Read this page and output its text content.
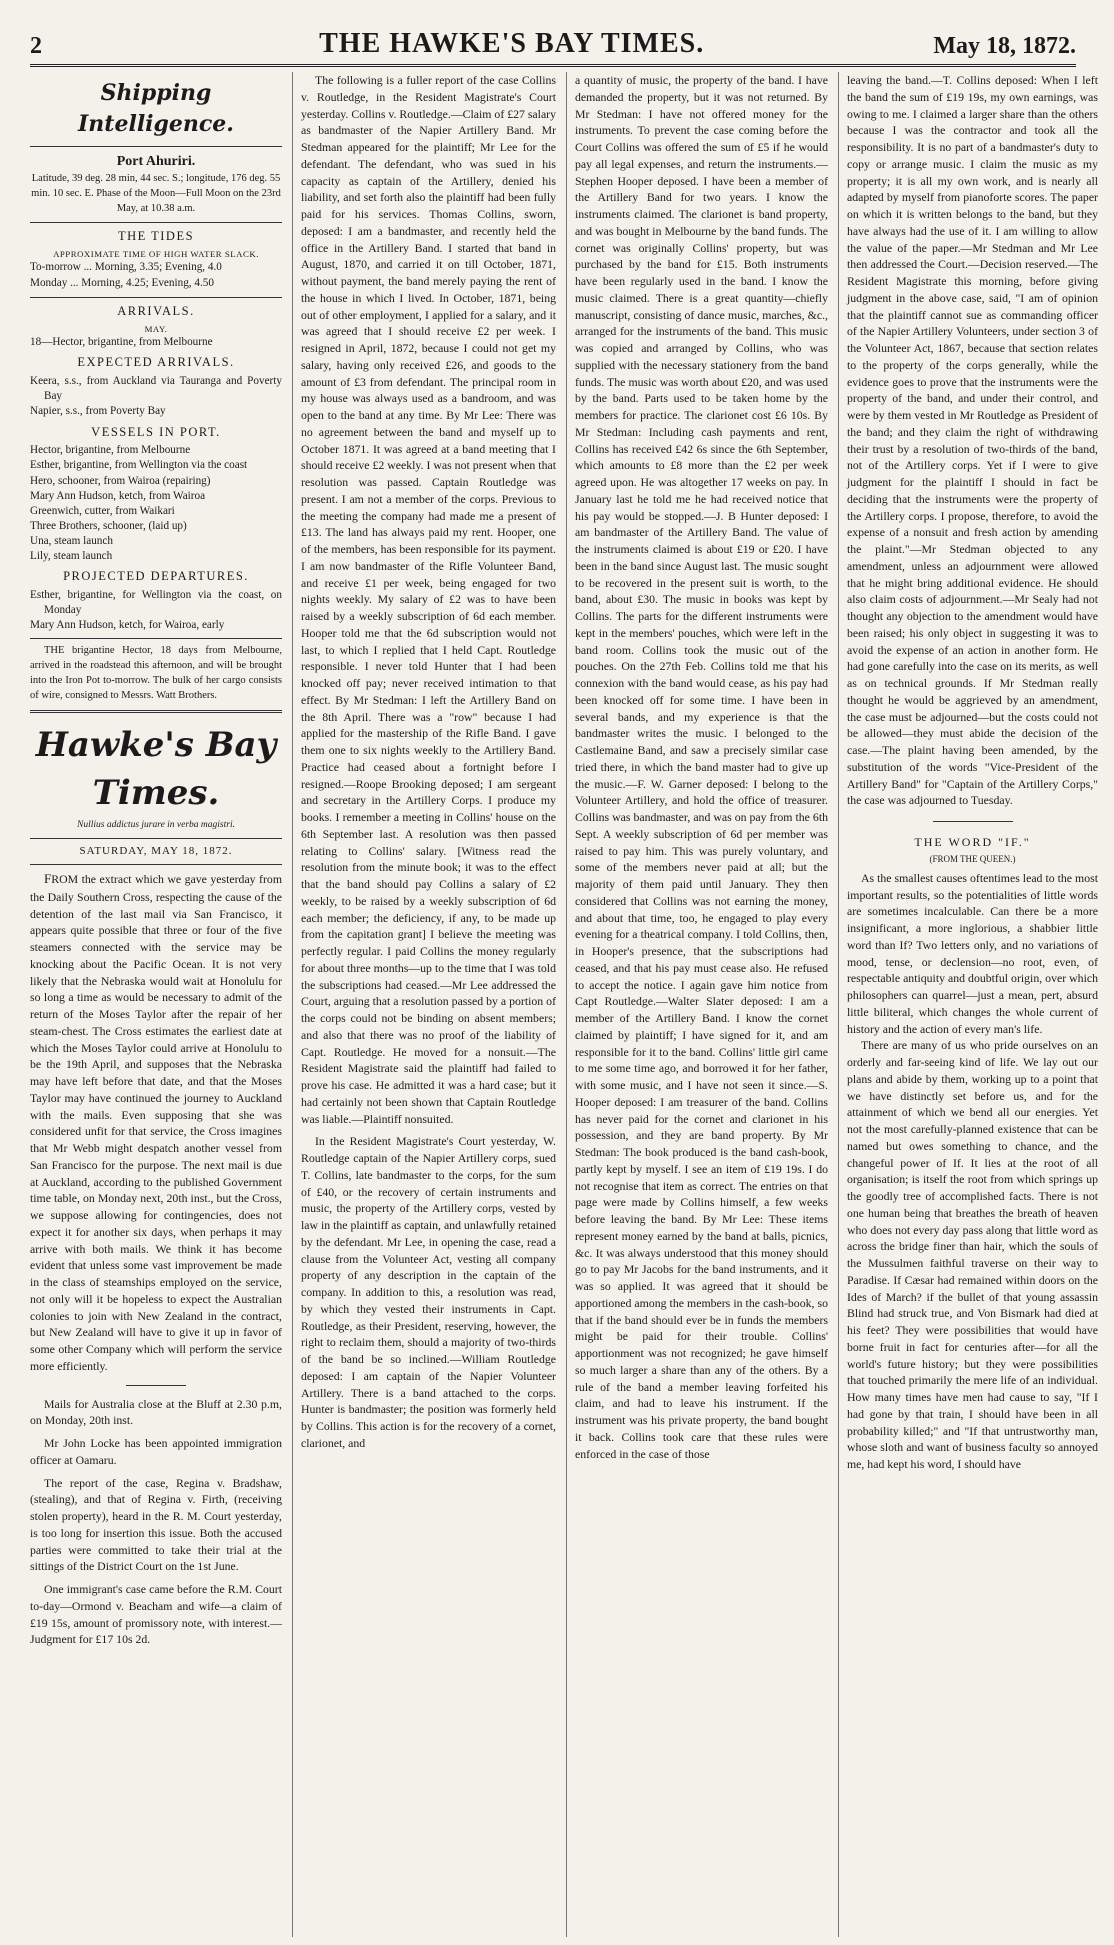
2	THE HAWKE'S BAY TIMES.	May 18, 1872.
Shipping Intelligence.
Port Ahuriri.
Latitude, 39 deg. 28 min, 44 sec. S.; longitude, 176 deg. 55 min. 10 sec. E. Phase of the Moon—Full Moon on the 23rd May, at 10.38 a.m.
THE TIDES
APPROXIMATE TIME OF HIGH WATER SLACK.
To-morrow ... Morning, 3.35; Evening, 4.0
Monday ... Morning, 4.25; Evening, 4.50
ARRIVALS.
MAY.
18—Hector, brigantine, from Melbourne
EXPECTED ARRIVALS.
Keera, s.s., from Auckland via Tauranga and Poverty Bay
Napier, s.s., from Poverty Bay
VESSELS IN PORT.
Hector, brigantine, from Melbourne
Esther, brigantine, from Wellington via the coast
Hero, schooner, from Wairoa (repairing)
Mary Ann Hudson, ketch, from Wairoa
Greenwich, cutter, from Waikari
Three Brothers, schooner, (laid up)
Una, steam launch
Lily, steam launch
PROJECTED DEPARTURES.
Esther, brigantine, for Wellington via the coast, on Monday
Mary Ann Hudson, ketch, for Wairoa, early

THE brigantine Hector, 18 days from Melbourne, arrived in the roadstead this afternoon, and will be brought into the Iron Pot to-morrow. The bulk of her cargo consists of wire, consigned to Messrs. Watt Brothers.

Hawke's Bay Times.
Nullius addictus jurare in verba magistri.
SATURDAY, MAY 18, 1872.

FROM the extract which we gave yesterday from the Daily Southern Cross, respecting the cause of the detention of the last mail via San Francisco, it appears quite possible that three or four of the five steamers connected with the service may be knocking about the Pacific Ocean. It is not very likely that the Nebraska would wait at Honolulu for so long a time as would be necessary to admit of the return of the Moses Taylor after the repair of her steam-chest. The Cross estimates the earliest date at which the Moses Taylor could arrive at Honolulu to be the 19th April, and supposes that the Nebraska may have left before that date, and that the Moses Taylor may have continued the journey to Auckland with the mails. Even supposing that she was considered unfit for that service, the Cross imagines that Mr Webb might despatch another vessel from San Francisco for the purpose. The next mail is due at Auckland, according to the published Government time table, on Monday next, 20th inst., but the Cross, we suppose allowing for contingencies, does not expect it for another six days, when perhaps it may arrive with both mails. We think it has become evident that unless some vast improvement be made in the class of steamships employed on the service, not only will it be hopeless to expect the Australian colonies to join with New Zealand in the contract, but New Zealand will have to give it up in favor of some other Company which will perform the service more efficiently.

Mails for Australia close at the Bluff at 2.30 p.m, on Monday, 20th inst.

Mr John Locke has been appointed immigration officer at Oamaru.

The report of the case, Regina v. Bradshaw, (stealing), and that of Regina v. Firth, (receiving stolen property), heard in the R. M. Court yesterday, is too long for insertion this issue. Both the accused parties were committed to take their trial at the sittings of the District Court on the 1st June.

One immigrant's case came before the R.M. Court to-day—Ormond v. Beacham and wife—a claim of £19 15s, amount of promissory note, with interest.—Judgment for £17 10s 2d.

The following is a fuller report of the case Collins v. Routledge, in the Resident Magistrate's Court yesterday. Collins v. Routledge.—Claim of £27 salary as bandmaster of the Napier Artillery Band. Mr Stedman appeared for the plaintiff; Mr Lee for the defendant. The defendant, who was sued in his capacity as captain of the Artillery, denied his liability, and set forth also the plaintiff had been fully paid for his services. Thomas Collins, sworn, deposed: I am a bandmaster, and recently held the office in the Artillery Band. I started that band in August, 1870, and carried it on till October, 1871, without payment, the band merely paying the rent of the house in which I lived. In October, 1871, being out of other employment, I applied for a salary, and it was agreed that I should receive £2 per week. I resigned in April, 1872, because I could not get my salary, having only received £26, and goods to the amount of £3 from defendant. The principal room in my house was always used as a bandroom, and was open to the band at any time. By Mr Lee: There was no agreement between the band and myself up to October 1871. It was agreed at a band meeting that I should receive £2 weekly. I was not present when that resolution was passed. Captain Routledge was present. I am not a member of the corps. Previous to the meeting the company had made me a present of £13. The land has always paid my rent. Hooper, one of the members, has been responsible for its payment. I am now bandmaster of the Rifle Volunteer Band, and receive £1 per week, being engaged for two nights weekly. My salary of £2 was to have been raised by a weekly subscription of 6d each member. Hooper told me that the 6d subscription would not last, to which I replied that I held Capt. Routledge responsible. I never told Hunter that I had been knocked off pay; never received intimation to that effect. By Mr Stedman: I left the Artillery Band on the 8th April. There was a "row" because I had applied for the mastership of the Rifle Band. I gave them one to six nights weekly to the Artillery Band. Practice had ceased about a fortnight before I resigned.—Roope Brooking deposed; I am sergeant and secretary in the Artillery Corps. I produce my books. I remember a meeting in Collins' house on the 6th September last. A resolution was then passed relating to Collins' salary. [Witness read the resolution from the minute book; it was to the effect that the band should pay Collins a salary of £2 weekly, to be raised by a weekly subscription of 6d each member; the deficiency, if any, to be made up from the capitation grant] I believe the meeting was perfectly regular. I paid Collins the money regularly for about three months—up to the time that I was told the subscriptions had ceased.—Mr Lee addressed the Court, arguing that a resolution passed by a portion of the corps could not be binding on absent members; and also that there was no proof of the liability of Capt. Routledge. He moved for a nonsuit.—The Resident Magistrate said the plaintiff had failed to prove his case. He admitted it was a hard case; but it had certainly not been shown that Captain Routledge was liable.—Plaintiff nonsuited.

In the Resident Magistrate's Court yesterday, W. Routledge captain of the Napier Artillery corps, sued T. Collins, late bandmaster to the corps, for the sum of £40, or the recovery of certain instruments and music, the property of the Artillery corps, vested by law in the plaintiff as captain, and unlawfully retained by the defendant. Mr Lee, in opening the case, read a clause from the Volunteer Act, vesting all company property of any description in the captain of the company. In addition to this, a resolution was read, by which they vested their instruments in Capt. Routledge, as their President, reserving, however, the right to reclaim them, should a majority of two-thirds of the band be so inclined.—William Routledge deposed: I am captain of the Napier Volunteer Artillery. There is a band attached to the corps. Hunter is bandmaster; the position was formerly held by Collins. This action is for the recovery of a cornet, clarionet, and

a quantity of music, the property of the band. I have demanded the property, but it was not returned. By Mr Stedman: I have not offered money for the instruments. To prevent the case coming before the Court Collins was offered the sum of £5 if he would pay all legal expenses, and return the instruments.—Stephen Hooper deposed. I have been a member of the Artillery Band for two years. I know the instruments claimed. The clarionet is band property, and was bought in Melbourne by the band funds. The cornet was originally Collins' property, but was purchased by the band for £15. Both instruments have been regularly used in the band. I know the music claimed. There is a great quantity—chiefly manuscript, consisting of dance music, marches, &c., arranged for the instruments of the band. This music was copied and arranged by Collins, who was supplied with the necessary stationery from the band funds. The music was worth about £20, and was used by the band. Parts used to be taken home by the members for practice. The clarionet cost £6 10s. By Mr Stedman: Including cash payments and rent, Collins has received £42 6s since the 6th September, which amounts to £8 more than the £2 per week agreed upon. He was altogether 17 weeks on pay. In January last he told me he had received notice that his pay would be stopped.—J. B Hunter deposed: I am bandmaster of the Artillery Band. The value of the instruments claimed is about £19 or £20. I have been in the band since August last. The music sought to be recovered in the present suit is worth, to the band, about £30. The music in books was kept by Collins. The parts for the different instruments were kept in the members' pouches, which were left in the band room. Collins took the music out of the pouches. On the 27th Feb. Collins told me that his connexion with the band would cease, as his pay had been knocked off for some time. I have been in several bands, and my experience is that the bandmaster writes the music. I belonged to the Castlemaine Band, and saw a precisely similar case tried there, in which the band master had to give up the music.—F. W. Garner deposed: I belong to the Volunteer Artillery, and hold the office of treasurer. Collins was bandmaster, and was on pay from the 6th Sept. A weekly subscription of 6d per member was raised to pay him. This was purely voluntary, and some of the members never paid at all; but the majority of them paid until January. They then considered that Collins was not earning the money, and about that time, too, he engaged to play every evening for a theatrical company. I told Collins, then, in Hooper's presence, that the subscriptions had ceased, and that his pay must cease also. He refused to accept the notice. I again gave him notice from Capt Routledge.—Walter Slater deposed: I am a member of the Artillery Band. I know the cornet claimed by plaintiff; I have signed for it, and am responsible for it to the band. Collins' little girl came to me some time ago, and borrowed it for her father, with some music, and I have not seen it since.—S. Hooper deposed: I am treasurer of the band. Collins has never paid for the cornet and clarionet in his possession, and they are band property. By Mr Stedman: The book produced is the band cash-book, partly kept by myself. I see an item of £19 19s. I do not recognise that item as correct. The entries on that page were made by Collins himself, a few weeks before leaving the band. By Mr Lee: These items represent money earned by the band at balls, picnics, &c. It was always understood that this money should go to pay Mr Jacobs for the band instruments, and it was so applied. It was agreed that it should be apportioned among the members in the cash-book, so that if the band should ever be in funds the members might be paid for their trouble. Collins' apportionment was not recognized; he gave himself so much larger a share than any of the others. By a rule of the band a member leaving forfeited his claim, and had to leave his instrument. If the instrument was his private property, the band bought it back. Collins took care that these rules were enforced in the case of those

leaving the band.—T. Collins deposed: When I left the band the sum of £19 19s, my own earnings, was owing to me. I claimed a larger share than the others because I was the contractor and took all the responsibility. It is no part of a bandmaster's duty to copy or arrange music. I claim the music as my property; it is all my own work, and is nearly all adapted by myself from pianoforte scores. The paper on which it is written belongs to the band, but they have always had the use of it. I am willing to allow the value of the paper.—Mr Stedman and Mr Lee then addressed the Court.—Decision reserved.—The Resident Magistrate this morning, before giving judgment in the above case, said, "I am of opinion that the plaintiff cannot sue as commanding officer of the Napier Artillery Volunteers, under section 3 of the Volunteer Act, 1867, because that section relates to the property of the corps generally, while the evidence goes to prove that the instruments were the property of the band, and under their control, and were by them vested in Mr Routledge as President of the band; and they claim the right of withdrawing their trust by a resolution of two-thirds of the band, not of the Artillery corps. Yet if I were to give judgment for the plaintiff I should in fact be deciding that the instruments were the property of the Artillery corps. I propose, therefore, to avoid the expense of a nonsuit and fresh action by amending the plaint."—Mr Stedman objected to any amendment, unless an adjournment were allowed that he might bring additional evidence. He should also claim costs of adjournment.—Mr Sealy had not thought any objection to the amendment would have been raised; his only object in suggesting it was to avoid the expense of an action in another form. He had gone carefully into the case on its merits, as well as on technical grounds. If Mr Stedman really thought he would be aggrieved by an amendment, the case must be adjourned—but the costs could not be allowed—they must abide the decision of the case.—The plaint having been amended, by the substitution of the words "Vice-President of the Artillery Band" for "Captain of the Artillery Corps," the case was adjourned to Tuesday.

THE WORD "IF."
(FROM THE QUEEN.)

As the smallest causes oftentimes lead to the most important results, so the potentialities of little words are sometimes incalculable. Can there be a more insignificant, a more inglorious, a shabbier little word than If? Two letters only, and no variations of mood, tense, or declension—no root, even, of respectable antiquity and doubtful origin, over which philosophers can quarrel—just a mean, pert, absurd little biliteral, which changes the whole current of history and the action of every man's life.

There are many of us who pride ourselves on an orderly and far-seeing kind of life. We lay out our plans and abide by them, working up to a point that we have distinctly set before us, and for the attainment of which we bend all our energies. Yet not the most carefully-planned existence that can be named but owes something to chance, and the changeful power of If. It lies at the root of all organisation; is itself the root from which springs up the goodly tree of accomplished facts. There is not one human being that breathes the breath of heaven who does not every day pass along that little word as across the bridge finer than hair, which the souls of the Mussulmen faithful traverse on their way to Paradise. If Cæsar had remained within doors on the Ides of March? if the bullet of that young assassin Blind had struck true, and Von Bismark had died at his feet? They were possibilities that would have borne fruit in fact for centuries after—for all the world's future history; but they were possibilities that touched primarily the mere life of an individual. How many times have men had cause to say, "If I had gone by that train, I should have been in all probability killed;" and "If that untrustworthy man, whose sloth and want of business faculty so annoyed me, had kept his word, I should have
